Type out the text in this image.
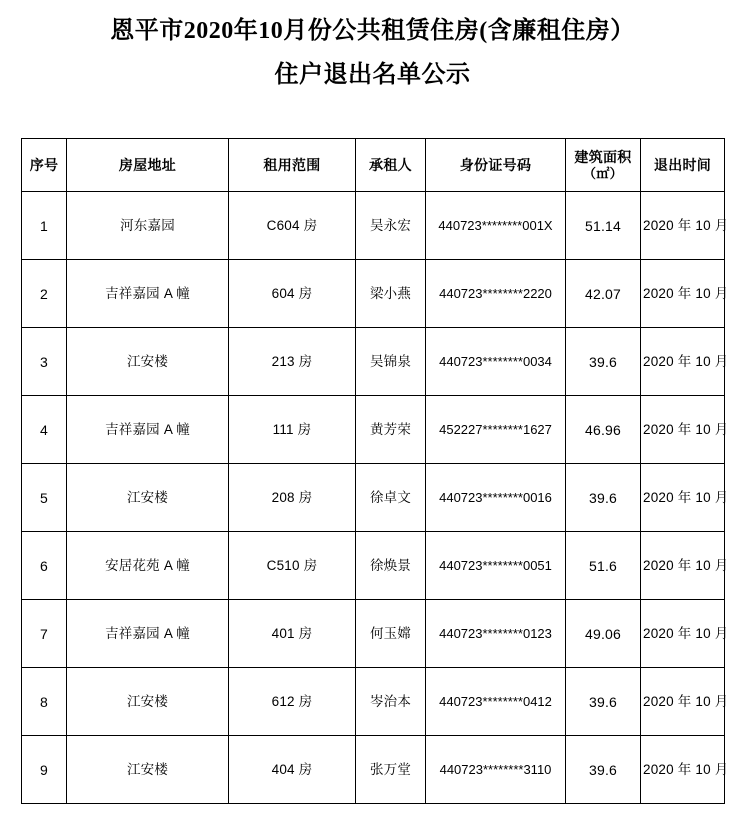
恩平市2020年10月份公共租赁住房(含廉租住房）
住户退出名单公示
序号	房屋地址	租用范围	承租人	身份证号码	建筑面积
（㎡）	退出时间
1	河东嘉园	C604 房	吴永宏	440723********001X	51.14	2020 年 10 月
2	吉祥嘉园 A 幢	604 房	梁小燕	440723********2220	42.07	2020 年 10 月
3	江安楼	213 房	吴锦泉	440723********0034	39.6	2020 年 10 月
4	吉祥嘉园 A 幢	111 房	黄芳荣	452227********1627	46.96	2020 年 10 月
5	江安楼	208 房	徐卓文	440723********0016	39.6	2020 年 10 月
6	安居花苑 A 幢	C510 房	徐焕景	440723********0051	51.6	2020 年 10 月
7	吉祥嘉园 A 幢	401 房	何玉嫦	440723********0123	49.06	2020 年 10 月
8	江安楼	612 房	岑治本	440723********0412	39.6	2020 年 10 月
9	江安楼	404 房	张万堂	440723********3110	39.6	2020 年 10 月
